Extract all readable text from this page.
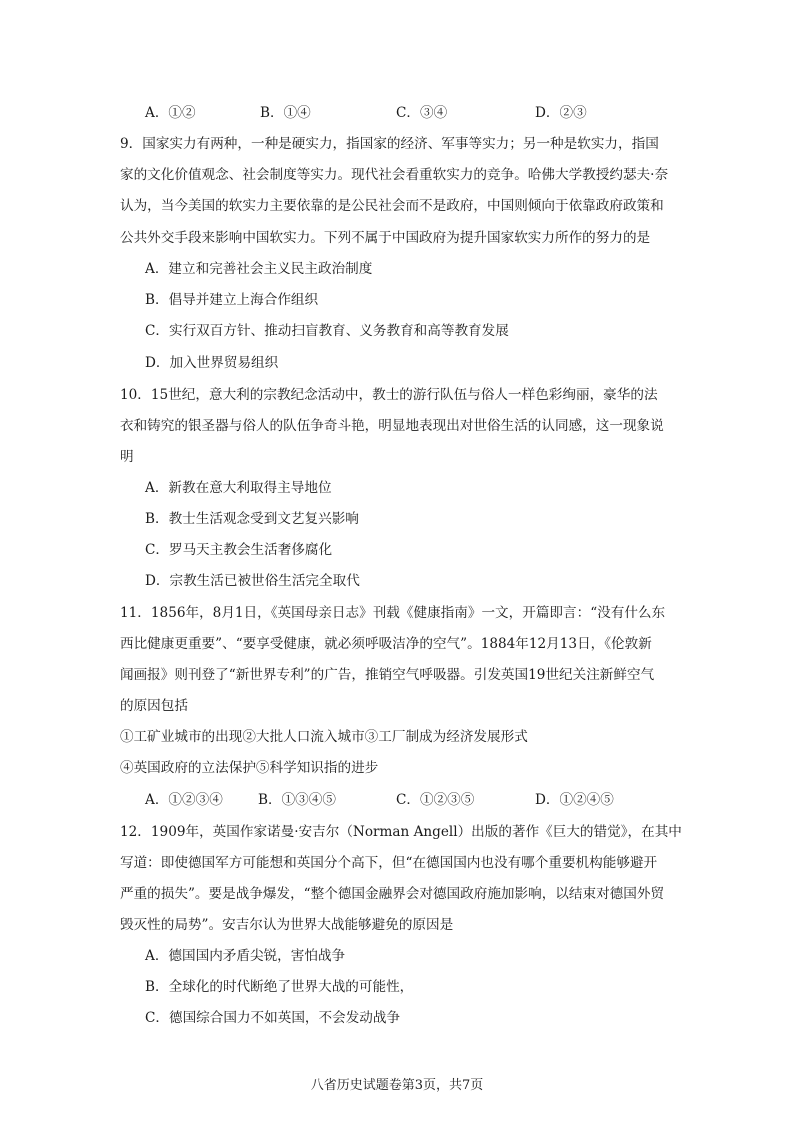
A．①②	B．①④	C．③④	D．②③
9．国家实力有两种，一种是硬实力，指国家的经济、军事等实力；另一种是软实力，指国
家的文化价值观念、社会制度等实力。现代社会看重软实力的竞争。哈佛大学教授约瑟夫·奈
认为，当今美国的软实力主要依靠的是公民社会而不是政府，中国则倾向于依靠政府政策和
公共外交手段来影响中国软实力。下列不属于中国政府为提升国家软实力所作的努力的是
A．建立和完善社会主义民主政治制度
B．倡导并建立上海合作组织
C．实行双百方针、推动扫盲教育、义务教育和高等教育发展
D．加入世界贸易组织
10．15世纪，意大利的宗教纪念活动中，教士的游行队伍与俗人一样色彩绚丽，豪华的法
衣和铸究的银圣器与俗人的队伍争奇斗艳，明显地表现出对世俗生活的认同感，这一现象说
明
A．新教在意大利取得主导地位
B．教士生活观念受到文艺复兴影响
C．罗马天主教会生活奢侈腐化
D．宗教生活已被世俗生活完全取代
11．1856年，8月1日，《英国母亲日志》刊载《健康指南》一文，开篇即言：“没有什么东
西比健康更重要”、“要享受健康，就必须呼吸洁净的空气”。1884年12月13日，《伦敦新
闻画报》则刊登了“新世界专利”的广告，推销空气呼吸器。引发英国19世纪关注新鲜空气
的原因包括
①工矿业城市的出现②大批人口流入城市③工厂制成为经济发展形式
④英国政府的立法保护⑤科学知识指的进步
A．①②③④	B．①③④⑤	C．①②③⑤	D．①②④⑤
12．1909年，英国作家诺曼·安吉尔（Norman Angell）出版的著作《巨大的错觉》，在其中
写道：即使德国军方可能想和英国分个高下，但“在德国国内也没有哪个重要机构能够避开
严重的损失”。要是战争爆发，“整个德国金融界会对德国政府施加影响，以结束对德国外贸
毁灭性的局势”。安吉尔认为世界大战能够避免的原因是
A．德国国内矛盾尖锐，害怕战争
B．全球化的时代断绝了世界大战的可能性，
C．德国综合国力不如英国，不会发动战争
八省历史试题卷第3页，共7页
